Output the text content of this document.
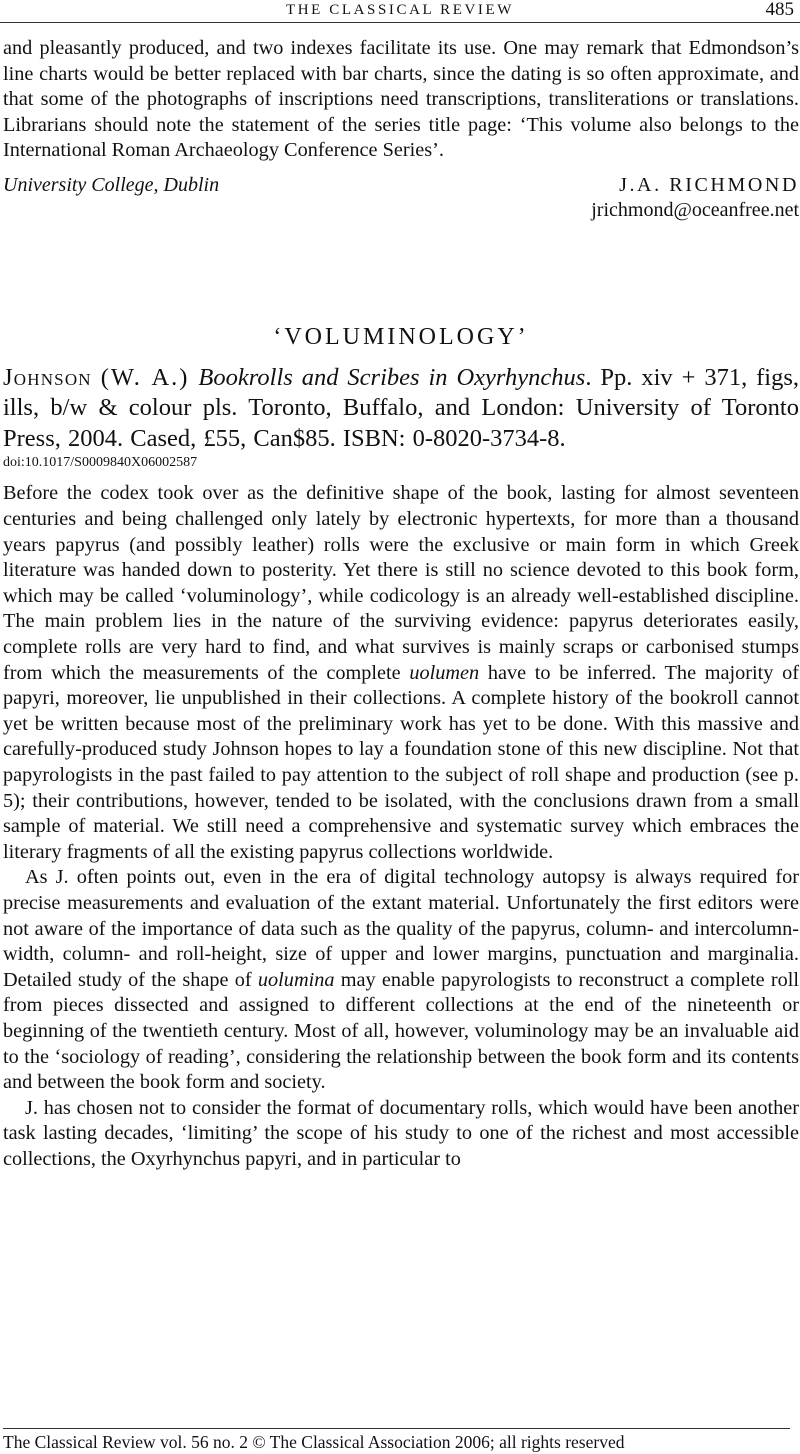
THE CLASSICAL REVIEW	485

and pleasantly produced, and two indexes facilitate its use. One may remark that Edmondson’s line charts would be better replaced with bar charts, since the dating is so often approximate, and that some of the photographs of inscriptions need transcriptions, transliterations or translations. Librarians should note the statement of the series title page: ‘This volume also belongs to the International Roman Archaeology Conference Series’.

University College, Dublin	J.A. RICHMOND
jrichmond@oceanfree.net
‘VOLUMINOLOGY’

Johnson (W. A.) Bookrolls and Scribes in Oxyrhynchus. Pp. xiv + 371, figs, ills, b/w & colour pls. Toronto, Buffalo, and London: University of Toronto Press, 2004. Cased, £55, Can$85. ISBN: 0-8020-3734-8.

doi:10.1017/S0009840X06002587

Before the codex took over as the definitive shape of the book, lasting for almost seventeen centuries and being challenged only lately by electronic hypertexts, for more than a thousand years papyrus (and possibly leather) rolls were the exclusive or main form in which Greek literature was handed down to posterity. Yet there is still no science devoted to this book form, which may be called ‘voluminology’, while codicology is an already well-established discipline. The main problem lies in the nature of the surviving evidence: papyrus deteriorates easily, complete rolls are very hard to find, and what survives is mainly scraps or carbonised stumps from which the measurements of the complete uolumen have to be inferred. The majority of papyri, moreover, lie unpublished in their collections. A complete history of the bookroll cannot yet be written because most of the preliminary work has yet to be done. With this massive and carefully-produced study Johnson hopes to lay a foundation stone of this new discipline. Not that papyrologists in the past failed to pay attention to the subject of roll shape and production (see p. 5); their contributions, however, tended to be isolated, with the conclusions drawn from a small sample of material. We still need a comprehensive and systematic survey which embraces the literary fragments of all the existing papyrus collections worldwide.

As J. often points out, even in the era of digital technology autopsy is always required for precise measurements and evaluation of the extant material. Unfortunately the first editors were not aware of the importance of data such as the quality of the papyrus, column- and intercolumn-width, column- and roll-height, size of upper and lower margins, punctuation and marginalia. Detailed study of the shape of uolumina may enable papyrologists to reconstruct a complete roll from pieces dissected and assigned to different collections at the end of the nineteenth or beginning of the twentieth century. Most of all, however, voluminology may be an invaluable aid to the ‘sociology of reading’, considering the relationship between the book form and its contents and between the book form and society.

J. has chosen not to consider the format of documentary rolls, which would have been another task lasting decades, ‘limiting’ the scope of his study to one of the richest and most accessible collections, the Oxyrhynchus papyri, and in particular to

The Classical Review vol. 56 no. 2 © The Classical Association 2006; all rights reserved
